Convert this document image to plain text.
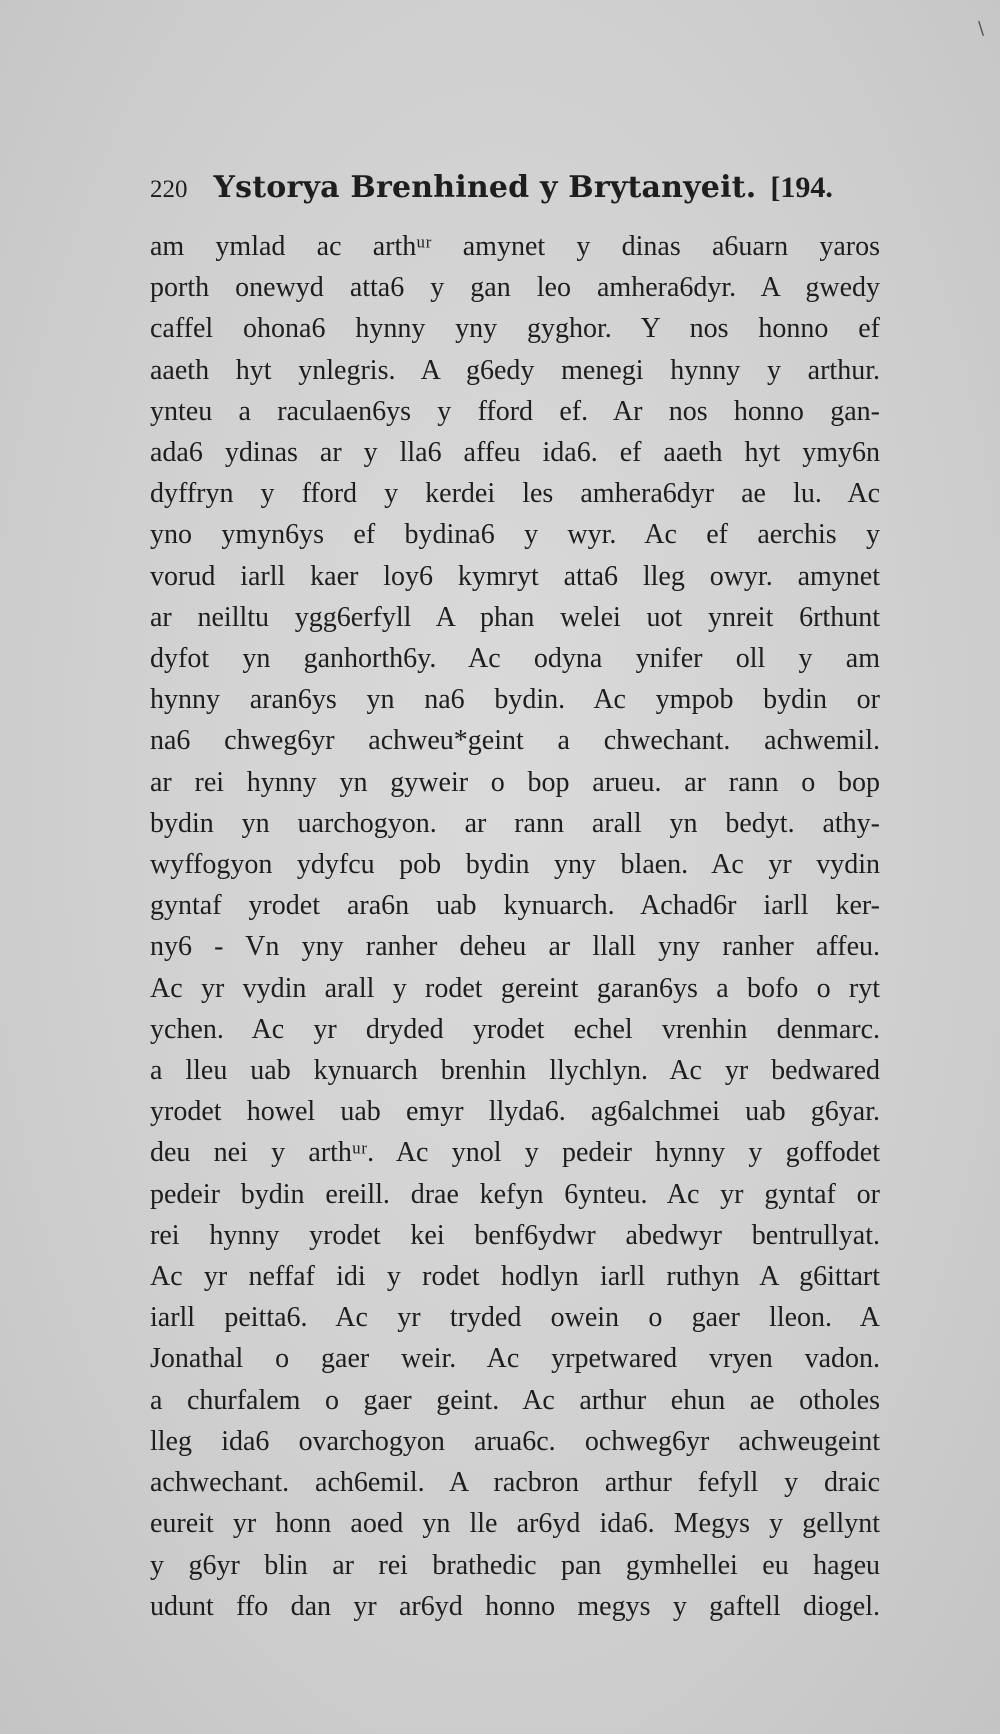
\
220 Ystorya Brenhined y Brytanyeit. [194.
am ymlad ac arthᵘʳ amynet y dinas a6uarn yaros
porth onewyd atta6 y gan leo amhera6dyr. A gwedy
caffel ohona6 hynny yny gyghor. Y nos honno ef
aaeth hyt ynlegris. A g6edy menegi hynny y arthur.
ynteu a raculaen6ys y fford ef. Ar nos honno gan-
ada6 ydinas ar y lla6 affeu ida6. ef aaeth hyt ymy6n
dyffryn y fford y kerdei les amhera6dyr ae lu. Ac
yno ymyn6ys ef bydina6 y wyr. Ac ef aerchis y
vorud iarll kaer loy6 kymryt atta6 lleg owyr. amynet
ar neilltu ygg6erfyll A phan welei uot ynreit 6rthunt
dyfot yn ganhorth6y. Ac odyna ynifer oll y am
hynny aran6ys yn na6 bydin. Ac ympob bydin or
na6 chweg6yr achweu*geint a chwechant. achwemil.
ar rei hynny yn gyweir o bop arueu. ar rann o bop
bydin yn uarchogyon. ar rann arall yn bedyt. athy-
wyffogyon ydyfcu pob bydin yny blaen. Ac yr vydin
gyntaf yrodet ara6n uab kynuarch. Achad6r iarll ker-
ny6 - Vn yny ranher deheu ar llall yny ranher affeu.
Ac yr vydin arall y rodet gereint garan6ys a bofo o ryt
ychen. Ac yr dryded yrodet echel vrenhin denmarc.
a lleu uab kynuarch brenhin llychlyn. Ac yr bedwared
yrodet howel uab emyr llyda6. ag6alchmei uab g6yar.
deu nei y arthᵘʳ. Ac ynol y pedeir hynny y goffodet
pedeir bydin ereill. drae kefyn 6ynteu. Ac yr gyntaf or
rei hynny yrodet kei benf6ydwr abedwyr bentrullyat.
Ac yr neffaf idi y rodet hodlyn iarll ruthyn A g6ittart
iarll peitta6. Ac yr tryded owein o gaer lleon. A
Jonathal o gaer weir. Ac yrpetwared vryen vadon.
a churfalem o gaer geint. Ac arthur ehun ae otholes
lleg ida6 ovarchogyon arua6c. ochweg6yr achweugeint
achwechant. ach6emil. A racbron arthur fefyll y draic
eureit yr honn aoed yn lle ar6yd ida6. Megys y gellynt
y g6yr blin ar rei brathedic pan gymhellei eu hageu
udunt ffo dan yr ar6yd honno megys y gaftell diogel.
